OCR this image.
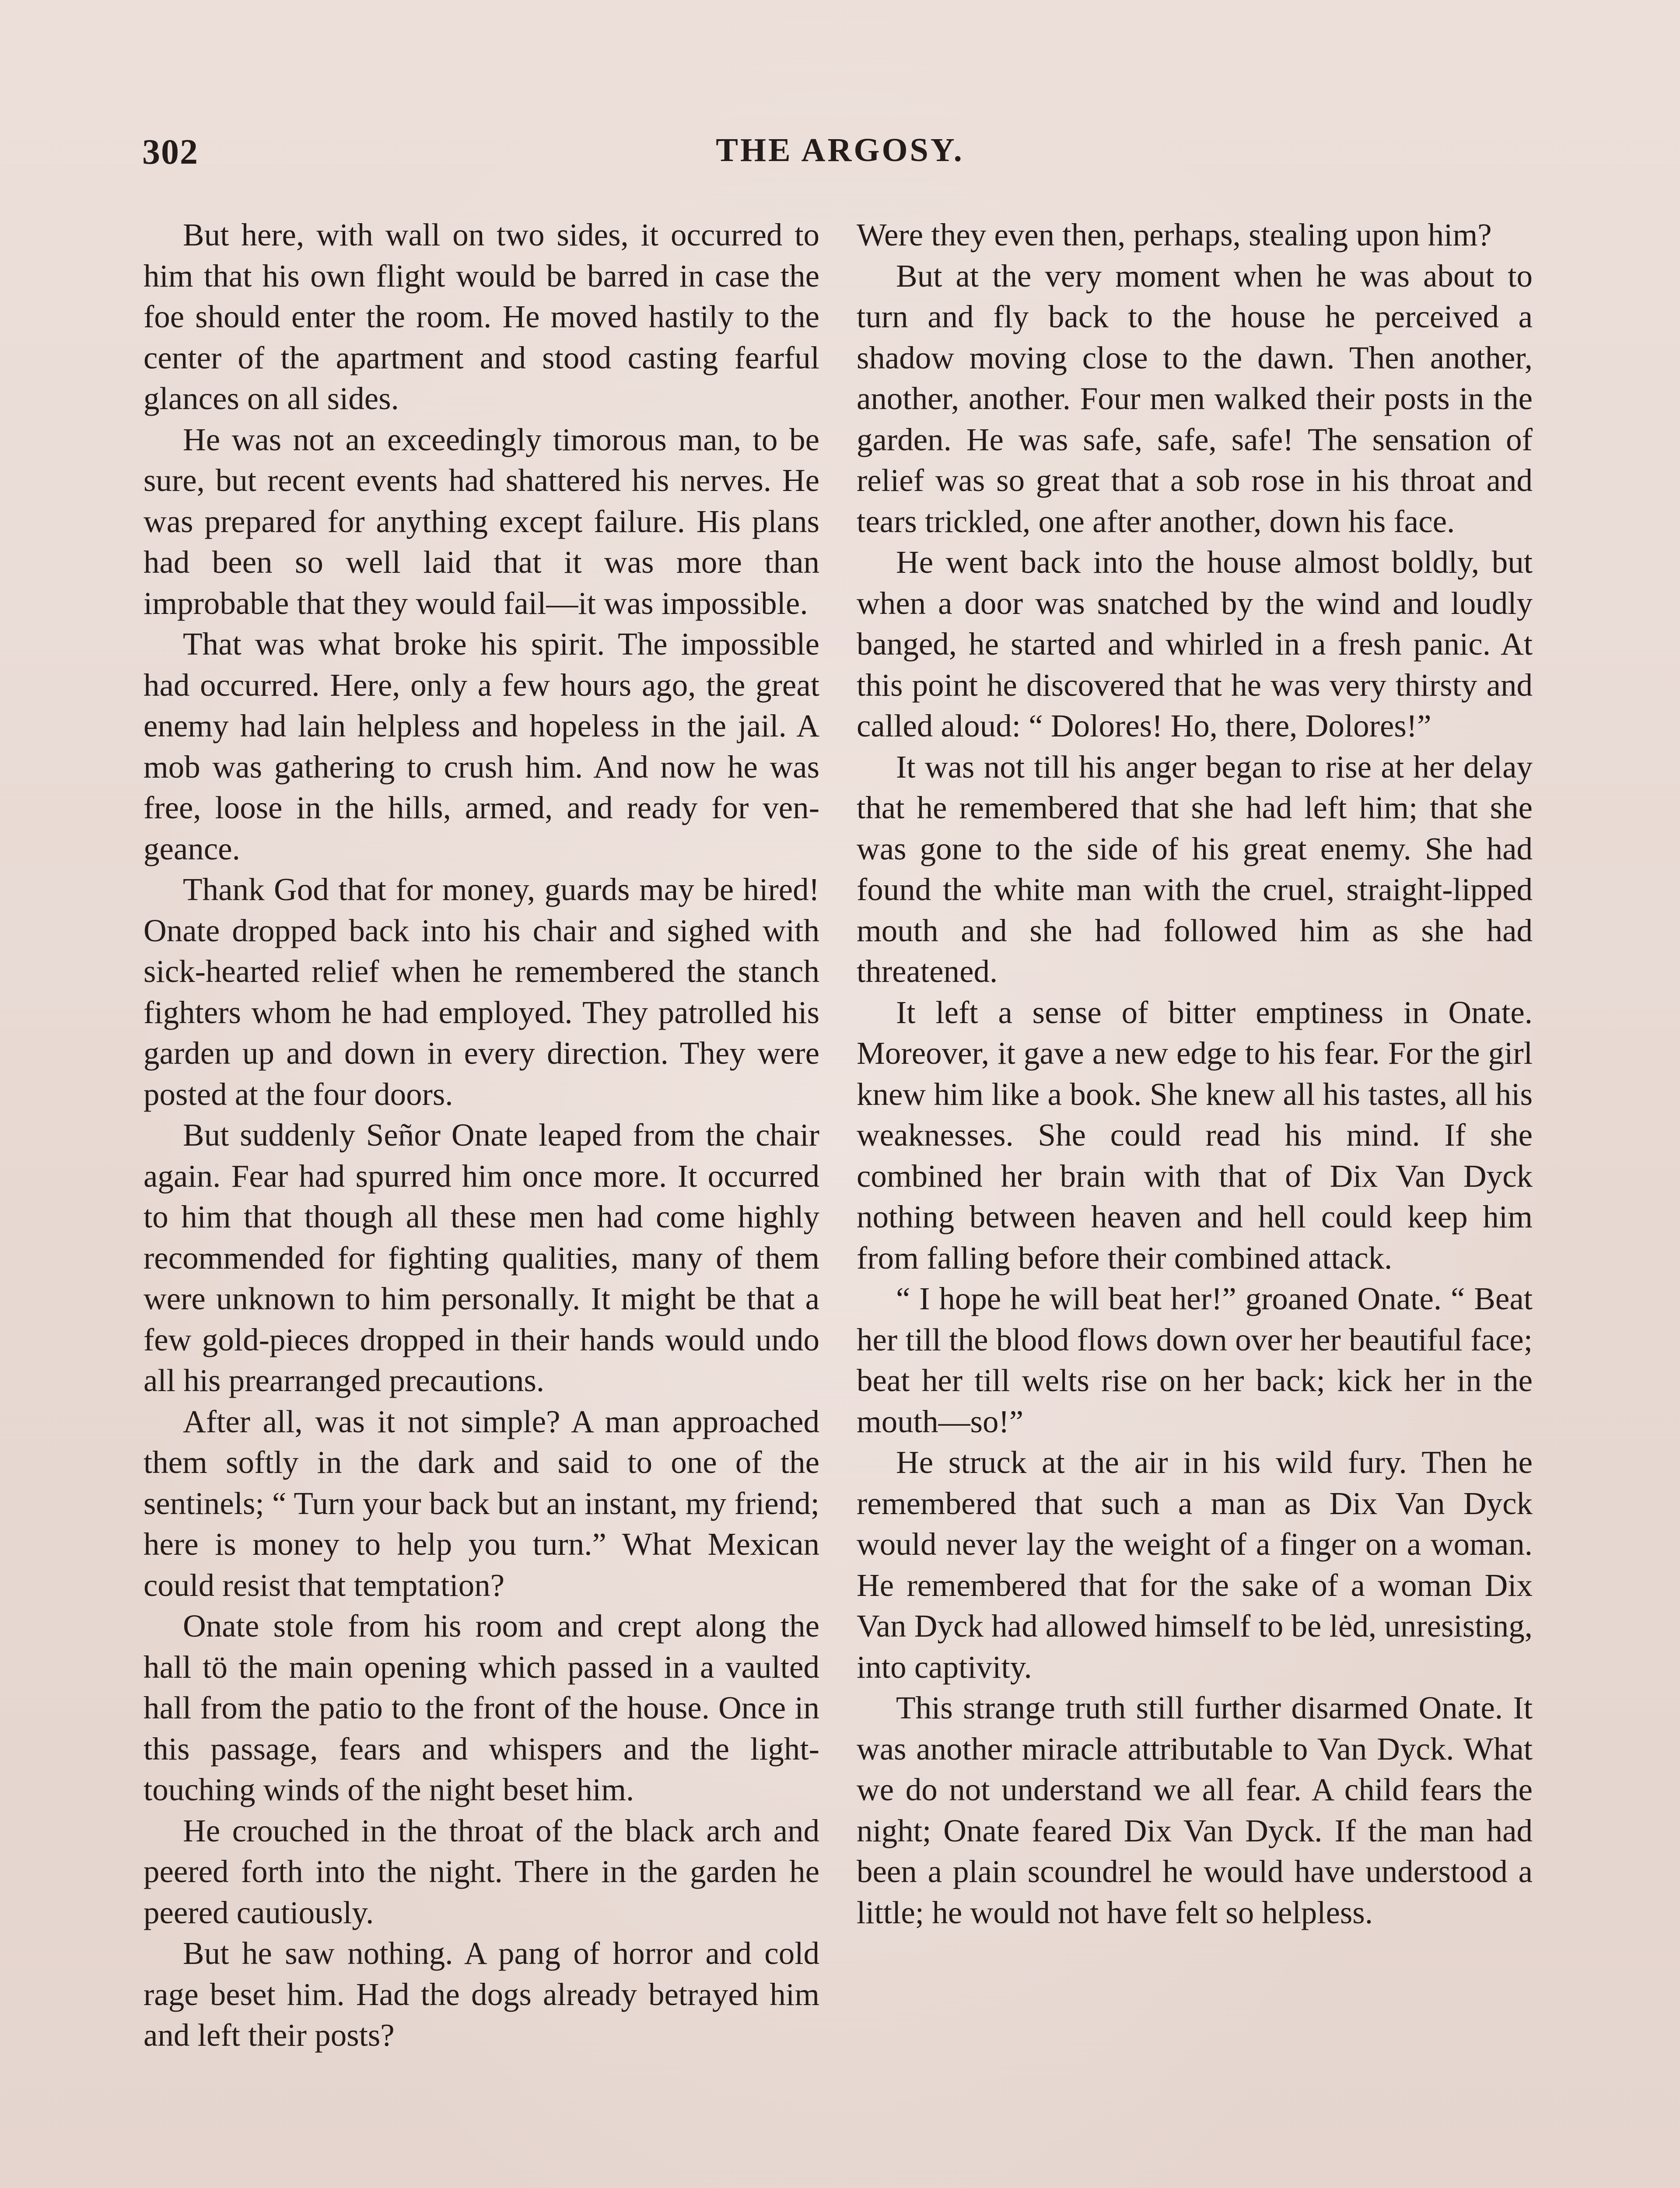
302	THE ARGOSY.

But here, with wall on two sides, it occurred to him that his own flight would be barred in case the foe should enter the room. He moved hastily to the center of the apartment and stood casting fearful glances on all sides.

He was not an exceedingly timorous man, to be sure, but recent events had shattered his nerves. He was prepared for anything except failure. His plans had been so well laid that it was more than improbable that they would fail—it was impossible.

That was what broke his spirit. The impossible had occurred. Here, only a few hours ago, the great enemy had lain helpless and hopeless in the jail. A mob was gathering to crush him. And now he was free, loose in the hills, armed, and ready for vengeance.

Thank God that for money, guards may be hired! Onate dropped back into his chair and sighed with sick-hearted relief when he remembered the stanch fighters whom he had employed. They patrolled his garden up and down in every direction. They were posted at the four doors.

But suddenly Señor Onate leaped from the chair again. Fear had spurred him once more. It occurred to him that though all these men had come highly recommended for fighting qualities, many of them were unknown to him personally. It might be that a few gold-pieces dropped in their hands would undo all his prearranged precautions.

After all, was it not simple? A man approached them softly in the dark and said to one of the sentinels; “ Turn your back but an instant, my friend; here is money to help you turn.” What Mexican could resist that temptation?

Onate stole from his room and crept along the hall tö the main opening which passed in a vaulted hall from the patio to the front of the house. Once in this passage, fears and whispers and the light-touching winds of the night beset him.

He crouched in the throat of the black arch and peered forth into the night. There in the garden he peered cautiously.

But he saw nothing. A pang of horror and cold rage beset him. Had the dogs already betrayed him and left their posts?

Were they even then, perhaps, stealing upon him?

But at the very moment when he was about to turn and fly back to the house he perceived a shadow moving close to the dawn. Then another, another, another. Four men walked their posts in the garden. He was safe, safe, safe! The sensation of relief was so great that a sob rose in his throat and tears trickled, one after another, down his face.

He went back into the house almost boldly, but when a door was snatched by the wind and loudly banged, he started and whirled in a fresh panic. At this point he discovered that he was very thirsty and called aloud: “ Dolores! Ho, there, Dolores!”

It was not till his anger began to rise at her delay that he remembered that she had left him; that she was gone to the side of his great enemy. She had found the white man with the cruel, straight-lipped mouth and she had followed him as she had threatened.

It left a sense of bitter emptiness in Onate. Moreover, it gave a new edge to his fear. For the girl knew him like a book. She knew all his tastes, all his weaknesses. She could read his mind. If she combined her brain with that of Dix Van Dyck nothing between heaven and hell could keep him from falling before their combined attack.

“ I hope he will beat her!” groaned Onate. “ Beat her till the blood flows down over her beautiful face; beat her till welts rise on her back; kick her in the mouth—so!”

He struck at the air in his wild fury. Then he remembered that such a man as Dix Van Dyck would never lay the weight of a finger on a woman. He remembered that for the sake of a woman Dix Van Dyck had allowed himself to be lėd, unresisting, into captivity.

This strange truth still further disarmed Onate. It was another miracle attributable to Van Dyck. What we do not understand we all fear. A child fears the night; Onate feared Dix Van Dyck. If the man had been a plain scoundrel he would have understood a little; he would not have felt so helpless.
